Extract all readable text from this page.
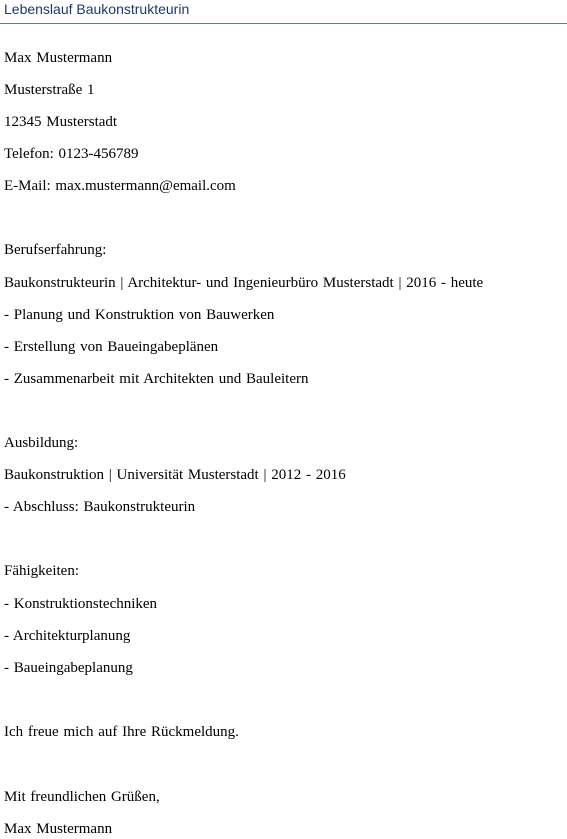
Lebenslauf Baukonstrukteurin
Max Mustermann
Musterstraße 1
12345 Musterstadt
Telefon: 0123-456789
E-Mail: max.mustermann@email.com
Berufserfahrung:
Baukonstrukteurin | Architektur- und Ingenieurbüro Musterstadt | 2016 - heute
- Planung und Konstruktion von Bauwerken
- Erstellung von Baueingabeplänen
- Zusammenarbeit mit Architekten und Bauleitern
Ausbildung:
Baukonstruktion | Universität Musterstadt | 2012 - 2016
- Abschluss: Baukonstrukteurin
Fähigkeiten:
- Konstruktionstechniken
- Architekturplanung
- Baueingabeplanung
Ich freue mich auf Ihre Rückmeldung.
Mit freundlichen Grüßen,
Max Mustermann
